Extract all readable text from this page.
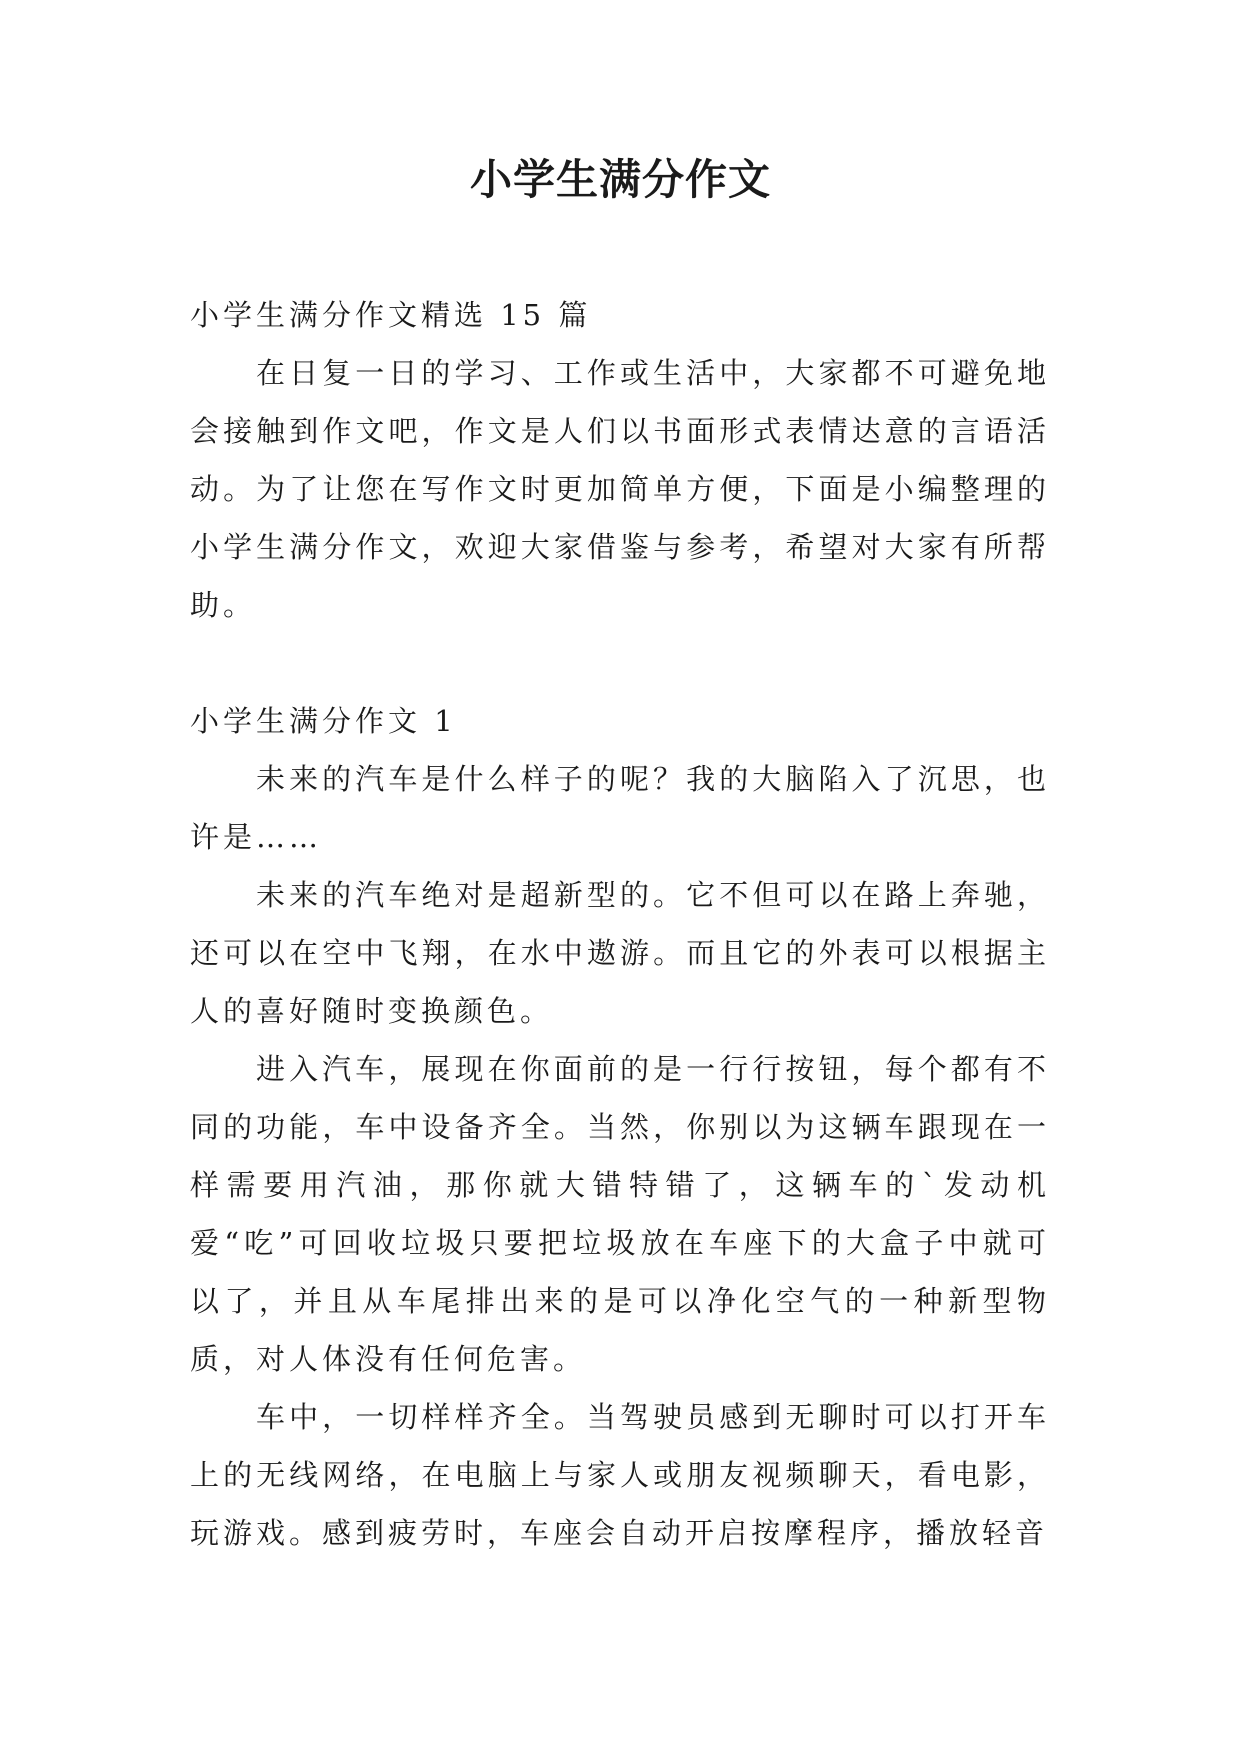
小学生满分作文

小学生满分作文精选 15 篇

在日复一日的学习、工作或生活中，大家都不可避免地会接触到作文吧，作文是人们以书面形式表情达意的言语活动。为了让您在写作文时更加简单方便，下面是小编整理的小学生满分作文，欢迎大家借鉴与参考，希望对大家有所帮助。

小学生满分作文 1

未来的汽车是什么样子的呢？我的大脑陷入了沉思，也许是……

未来的汽车绝对是超新型的。它不但可以在路上奔驰，还可以在空中飞翔，在水中遨游。而且它的外表可以根据主人的喜好随时变换颜色。

进入汽车，展现在你面前的是一行行按钮，每个都有不同的功能，车中设备齐全。当然，你别以为这辆车跟现在一样需要用汽油，那你就大错特错了，这辆车的`发动机爱“吃”可回收垃圾只要把垃圾放在车座下的大盒子中就可以了，并且从车尾排出来的是可以净化空气的一种新型物质，对人体没有任何危害。

车中，一切样样齐全。当驾驶员感到无聊时可以打开车上的无线网络，在电脑上与家人或朋友视频聊天，看电影，玩游戏。感到疲劳时，车座会自动开启按摩程序，播放轻音
